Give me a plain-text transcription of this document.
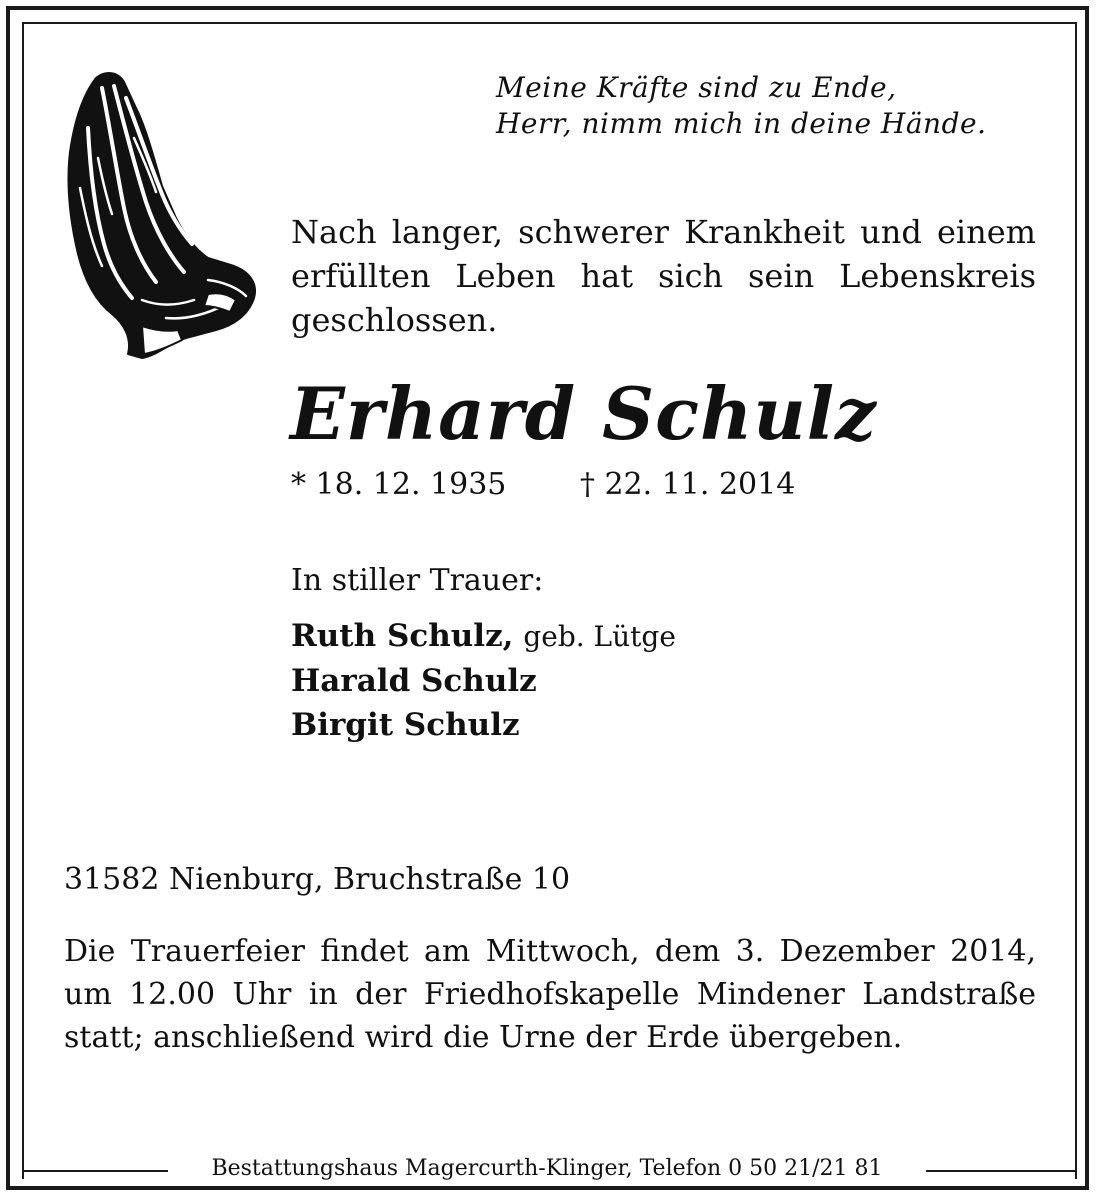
Meine Kräfte sind zu Ende,
Herr, nimm mich in deine Hände.

Nach langer, schwerer Krankheit und einem erfüllten Leben hat sich sein Lebenskreis geschlossen.

Erhard Schulz

* 18. 12. 1935 † 22. 11. 2014

In stiller Trauer:

Ruth Schulz, geb. Lütge
Harald Schulz
Birgit Schulz

31582 Nienburg, Bruchstraße 10

Die Trauerfeier findet am Mittwoch, dem 3. Dezember 2014, um 12.00 Uhr in der Friedhofskapelle Mindener Landstraße statt; anschließend wird die Urne der Erde übergeben.

Bestattungshaus Magercurth-Klinger, Telefon 0 50 21/21 81
